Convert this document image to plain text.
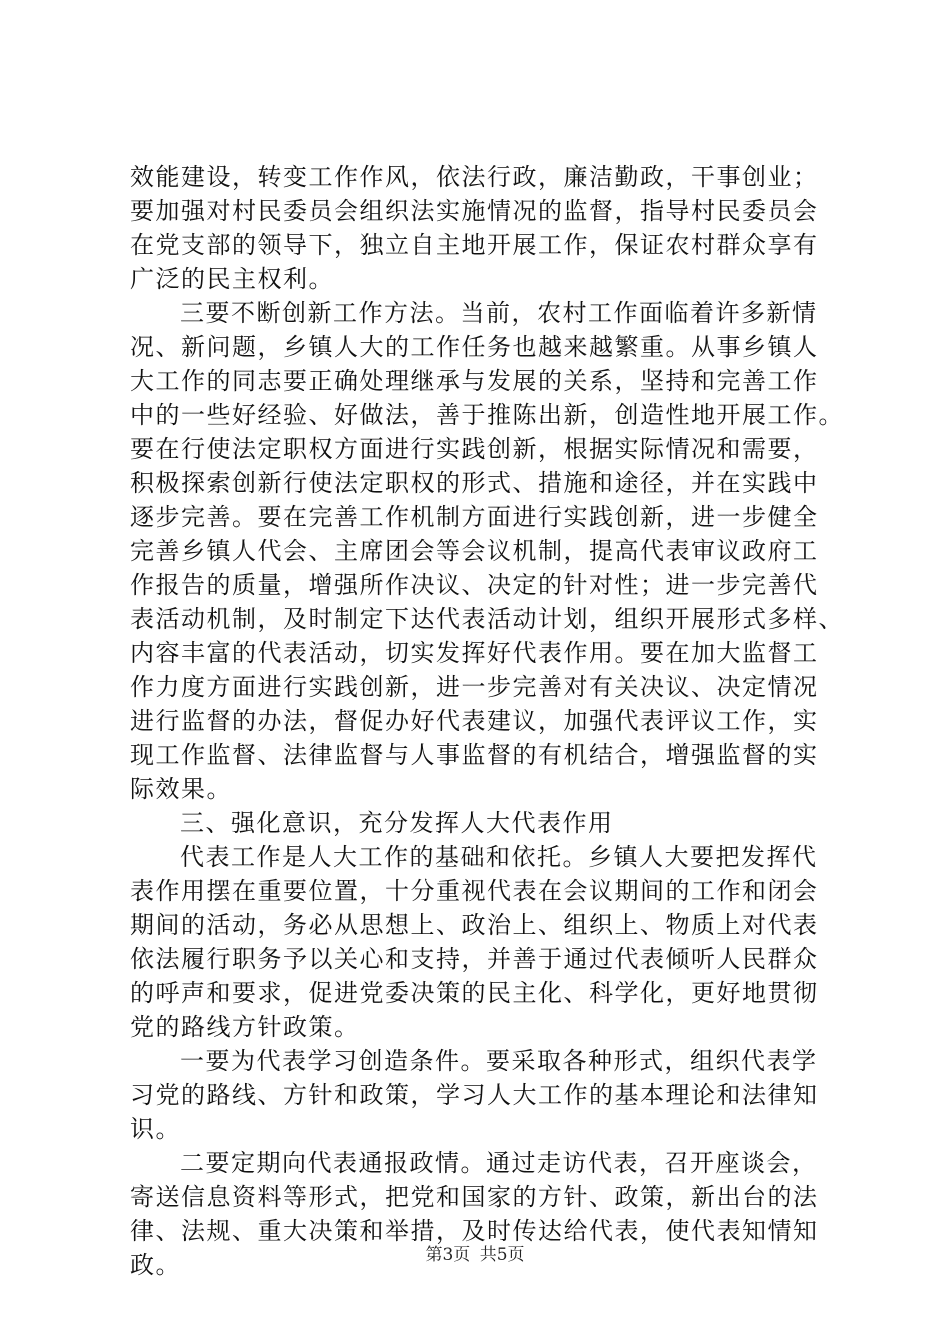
效能建设，转变工作作风，依法行政，廉洁勤政，干事创业；

要加强对村民委员会组织法实施情况的监督，指导村民委员会

在党支部的领导下，独立自主地开展工作，保证农村群众享有

广泛的民主权利。

三要不断创新工作方法。当前，农村工作面临着许多新情

况、新问题，乡镇人大的工作任务也越来越繁重。从事乡镇人

大工作的同志要正确处理继承与发展的关系，坚持和完善工作

中的一些好经验、好做法，善于推陈出新，创造性地开展工作。

要在行使法定职权方面进行实践创新，根据实际情况和需要，

积极探索创新行使法定职权的形式、措施和途径，并在实践中

逐步完善。要在完善工作机制方面进行实践创新，进一步健全

完善乡镇人代会、主席团会等会议机制，提高代表审议政府工

作报告的质量，增强所作决议、决定的针对性；进一步完善代

表活动机制，及时制定下达代表活动计划，组织开展形式多样、

内容丰富的代表活动，切实发挥好代表作用。要在加大监督工

作力度方面进行实践创新，进一步完善对有关决议、决定情况

进行监督的办法，督促办好代表建议，加强代表评议工作，实

现工作监督、法律监督与人事监督的有机结合，增强监督的实

际效果。

三、强化意识，充分发挥人大代表作用

代表工作是人大工作的基础和依托。乡镇人大要把发挥代

表作用摆在重要位置，十分重视代表在会议期间的工作和闭会

期间的活动，务必从思想上、政治上、组织上、物质上对代表

依法履行职务予以关心和支持，并善于通过代表倾听人民群众

的呼声和要求，促进党委决策的民主化、科学化，更好地贯彻

党的路线方针政策。

一要为代表学习创造条件。要采取各种形式，组织代表学

习党的路线、方针和政策，学习人大工作的基本理论和法律知

识。

二要定期向代表通报政情。通过走访代表，召开座谈会，

寄送信息资料等形式，把党和国家的方针、政策，新出台的法

律、法规、重大决策和举措，及时传达给代表，使代表知情知

政。	第3页 共5页
